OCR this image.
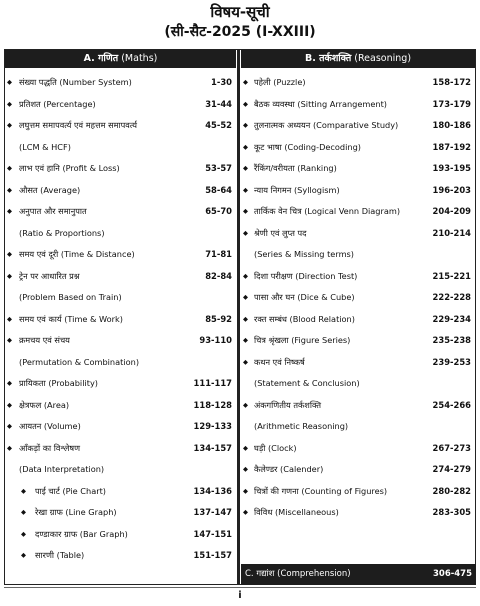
विषय-सूची
(सी-सैट-2025 (I-XXIII)
A. गणित (Maths)
◆ संख्या पद्धति (Number System)	1-30
◆ प्रतिशत (Percentage)	31-44
◆ लघुत्तम समापवर्त्य एवं महत्तम समापवर्त्य	45-52
(LCM & HCF)
◆ लाभ एवं हानि (Profit & Loss)	53-57
◆ औसत (Average)	58-64
◆ अनुपात और समानुपात	65-70
(Ratio & Proportions)
◆ समय एवं दूरी (Time & Distance)	71-81
◆ ट्रेन पर आधारित प्रश्न	82-84
(Problem Based on Train)
◆ समय एवं कार्य (Time & Work)	85-92
◆ क्रमचय एवं संचय	93-110
(Permutation & Combination)
◆ प्रायिकता (Probability)	111-117
◆ क्षेत्रफल (Area)	118-128
◆ आयतन (Volume)	129-133
◆ आँकड़ों का विश्लेषण	134-157
(Data Interpretation)
◆ पाई चार्ट (Pie Chart)	134-136
◆ रेखा ग्राफ (Line Graph)	137-147
◆ दण्डाकार ग्राफ (Bar Graph)	147-151
◆ सारणी (Table)	151-157
B. तर्कशक्ति (Reasoning)
◆ पहेली (Puzzle)	158-172
◆ बैठक व्यवस्था (Sitting Arrangement)	173-179
◆ तुलनात्मक अध्ययन (Comparative Study)	180-186
◆ कूट भाषा (Coding-Decoding)	187-192
◆ रैंकिंग/वरीयता (Ranking)	193-195
◆ न्याय निगमन (Syllogism)	196-203
◆ तार्किक वेन चित्र (Logical Venn Diagram)	204-209
◆ श्रेणी एवं लुप्त पद	210-214
(Series & Missing terms)
◆ दिशा परीक्षण (Direction Test)	215-221
◆ पासा और घन (Dice & Cube)	222-228
◆ रक्त सम्बंध (Blood Relation)	229-234
◆ चित्र श्रृंखला (Figure Series)	235-238
◆ कथन एवं निष्कर्ष	239-253
(Statement & Conclusion)
◆ अंकगणितीय तर्कशक्ति	254-266
(Arithmetic Reasoning)
◆ घड़ी (Clock)	267-273
◆ कैलेण्डर (Calender)	274-279
◆ चित्रों की गणना (Counting of Figures)	280-282
◆ विविध (Miscellaneous)	283-305
C. गद्यांश (Comprehension)	306-475
i
